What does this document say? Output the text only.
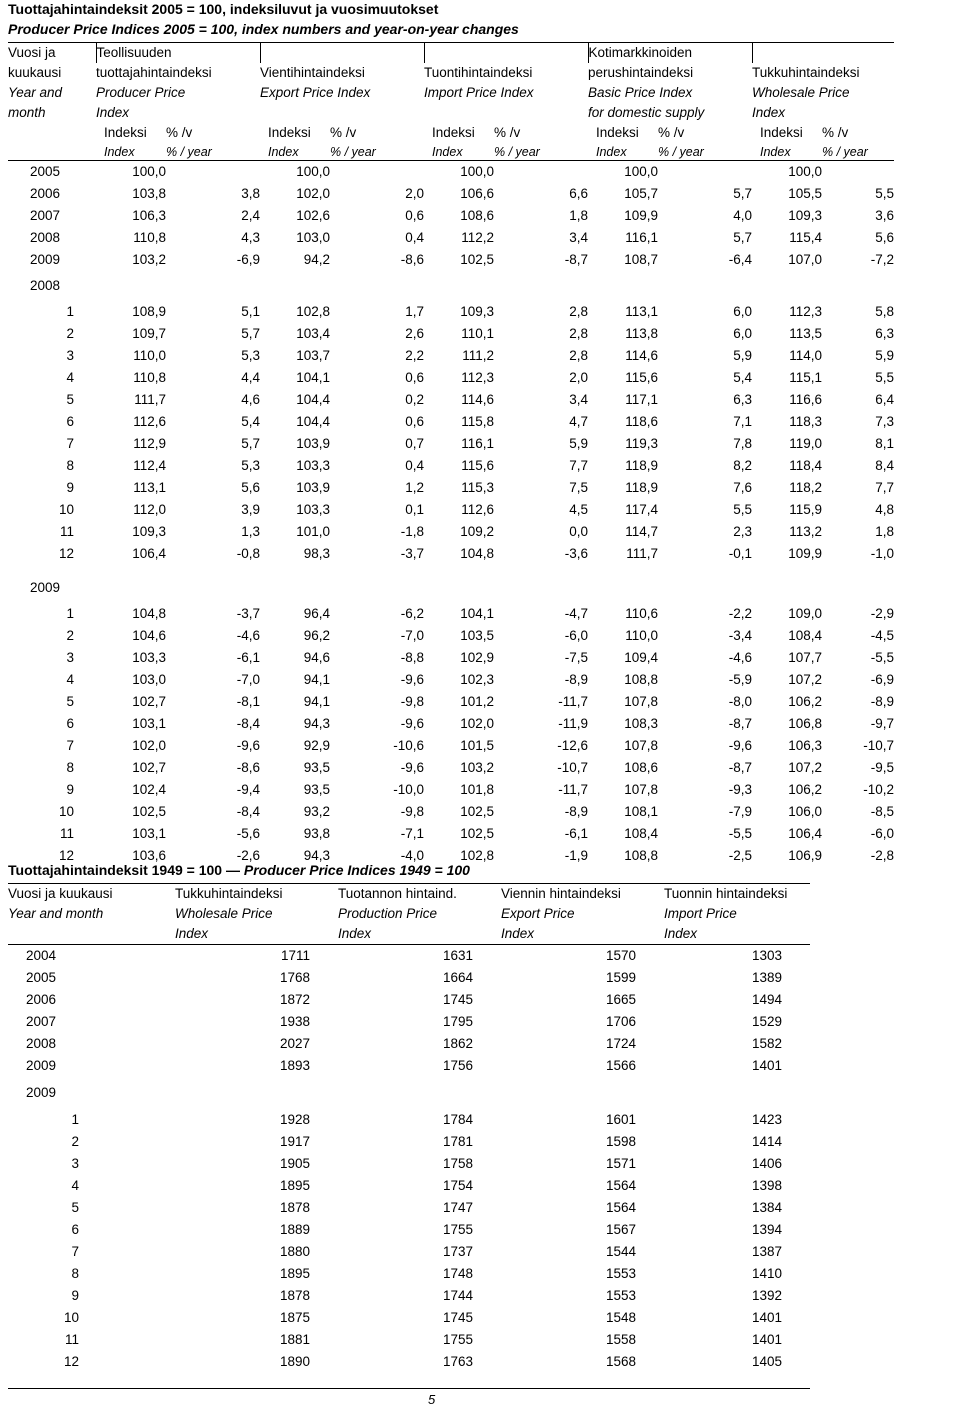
Tuottajahintaindeksit 2005 = 100, indeksiluvut ja vuosimuutokset
Producer Price Indices 2005 = 100, index numbers and year-on-year changes
Vuosi ja	Teollisuuden						Kotimarkkinoiden			
kuukausi	tuottajahintaindeksi		Vientihintaindeksi		Tuontihintaindeksi		perushintaindeksi		Tukkuhintaindeksi	
Year and	Producer Price		Export Price Index		Import Price Index		Basic Price Index		Wholesale Price	
month	Index						for domestic supply		Index	
	Indeksi	% /v	Indeksi	% /v	Indeksi	% /v	Indeksi	% /v	Indeksi	% /v
	Index	% / year	Index	% / year	Index	% / year	Index	% / year	Index	% / year
2005	100,0		100,0		100,0		100,0		100,0	
2006	103,8	3,8	102,0	2,0	106,6	6,6	105,7	5,7	105,5	5,5
2007	106,3	2,4	102,6	0,6	108,6	1,8	109,9	4,0	109,3	3,6
2008	110,8	4,3	103,0	0,4	112,2	3,4	116,1	5,7	115,4	5,6
2009	103,2	-6,9	94,2	-8,6	102,5	-8,7	108,7	-6,4	107,0	-7,2
2008										
1	108,9	5,1	102,8	1,7	109,3	2,8	113,1	6,0	112,3	5,8
2	109,7	5,7	103,4	2,6	110,1	2,8	113,8	6,0	113,5	6,3
3	110,0	5,3	103,7	2,2	111,2	2,8	114,6	5,9	114,0	5,9
4	110,8	4,4	104,1	0,6	112,3	2,0	115,6	5,4	115,1	5,5
5	111,7	4,6	104,4	0,2	114,6	3,4	117,1	6,3	116,6	6,4
6	112,6	5,4	104,4	0,6	115,8	4,7	118,6	7,1	118,3	7,3
7	112,9	5,7	103,9	0,7	116,1	5,9	119,3	7,8	119,0	8,1
8	112,4	5,3	103,3	0,4	115,6	7,7	118,9	8,2	118,4	8,4
9	113,1	5,6	103,9	1,2	115,3	7,5	118,9	7,6	118,2	7,7
10	112,0	3,9	103,3	0,1	112,6	4,5	117,4	5,5	115,9	4,8
11	109,3	1,3	101,0	-1,8	109,2	0,0	114,7	2,3	113,2	1,8
12	106,4	-0,8	98,3	-3,7	104,8	-3,6	111,7	-0,1	109,9	-1,0

2009										
1	104,8	-3,7	96,4	-6,2	104,1	-4,7	110,6	-2,2	109,0	-2,9
2	104,6	-4,6	96,2	-7,0	103,5	-6,0	110,0	-3,4	108,4	-4,5
3	103,3	-6,1	94,6	-8,8	102,9	-7,5	109,4	-4,6	107,7	-5,5
4	103,0	-7,0	94,1	-9,6	102,3	-8,9	108,8	-5,9	107,2	-6,9
5	102,7	-8,1	94,1	-9,8	101,2	-11,7	107,8	-8,0	106,2	-8,9
6	103,1	-8,4	94,3	-9,6	102,0	-11,9	108,3	-8,7	106,8	-9,7
7	102,0	-9,6	92,9	-10,6	101,5	-12,6	107,8	-9,6	106,3	-10,7
8	102,7	-8,6	93,5	-9,6	103,2	-10,7	108,6	-8,7	107,2	-9,5
9	102,4	-9,4	93,5	-10,0	101,8	-11,7	107,8	-9,3	106,2	-10,2
10	102,5	-8,4	93,2	-9,8	102,5	-8,9	108,1	-7,9	106,0	-8,5
11	103,1	-5,6	93,8	-7,1	102,5	-6,1	108,4	-5,5	106,4	-6,0
12	103,6	-2,6	94,3	-4,0	102,8	-1,9	108,8	-2,5	106,9	-2,8
Tuottajahintaindeksit 1949 = 100 — Producer Price Indices 1949 = 100
Vuosi ja kuukausi	Tukkuhintaindeksi	Tuotannon hintaind.	Viennin hintaindeksi	Tuonnin hintaindeksi
Year and month	Wholesale Price	Production Price	Export Price	Import Price
	Index	Index	Index	Index
2004	1711	1631	1570	1303
2005	1768	1664	1599	1389
2006	1872	1745	1665	1494
2007	1938	1795	1706	1529
2008	2027	1862	1724	1582
2009	1893	1756	1566	1401
2009				
1	1928	1784	1601	1423
2	1917	1781	1598	1414
3	1905	1758	1571	1406
4	1895	1754	1564	1398
5	1878	1747	1564	1384
6	1889	1755	1567	1394
7	1880	1737	1544	1387
8	1895	1748	1553	1410
9	1878	1744	1553	1392
10	1875	1745	1548	1401
11	1881	1755	1558	1401
12	1890	1763	1568	1405
5
